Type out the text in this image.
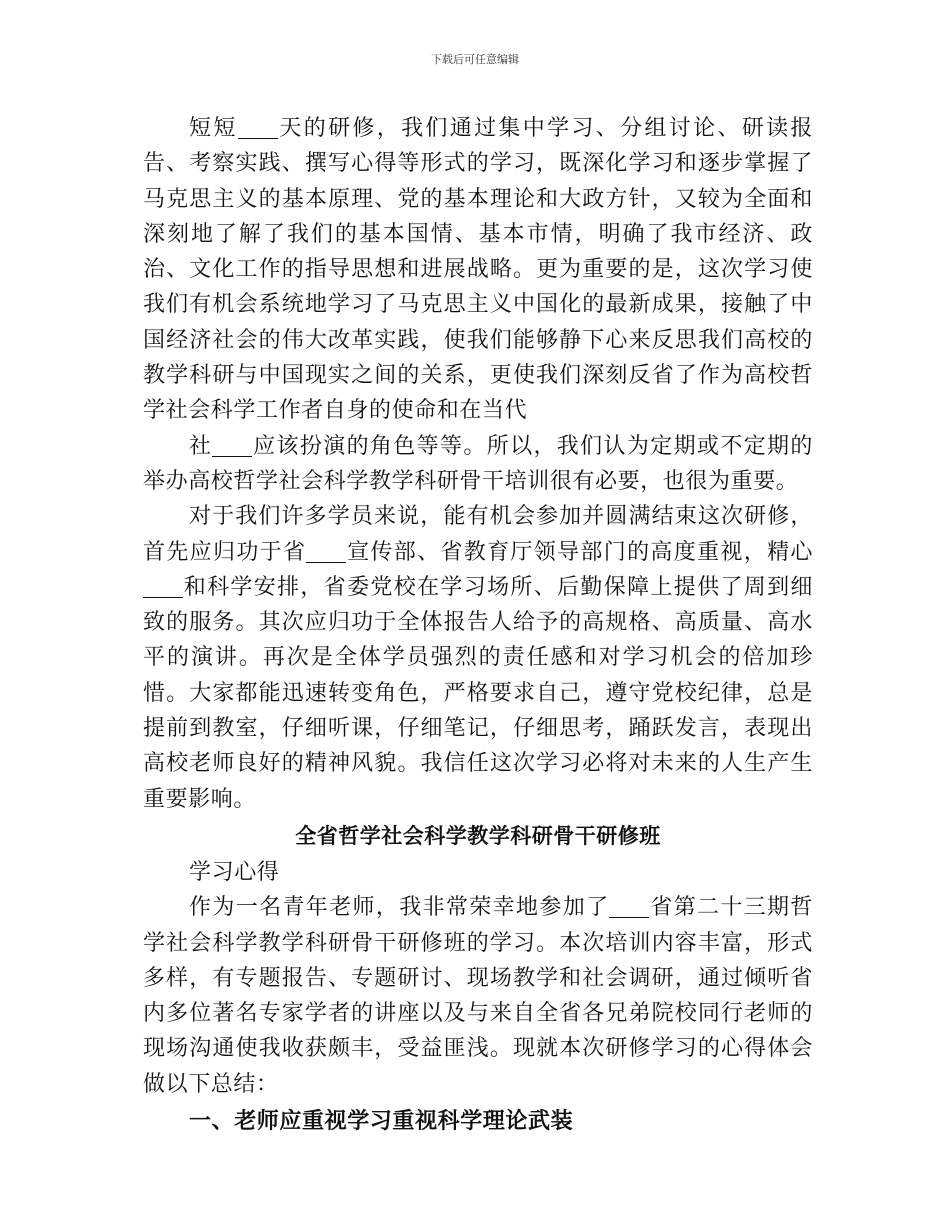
下载后可任意编辑

短短 天的研修，我们通过集中学习、分组讨论、研读报告、考察实践、撰写心得等形式的学习，既深化学习和逐步掌握了马克思主义的基本原理、党的基本理论和大政方针，又较为全面和深刻地了解了我们的基本国情、基本市情，明确了我市经济、政治、文化工作的指导思想和进展战略。更为重要的是，这次学习使我们有机会系统地学习了马克思主义中国化的最新成果，接触了中国经济社会的伟大改革实践，使我们能够静下心来反思我们高校的教学科研与中国现实之间的关系，更使我们深刻反省了作为高校哲学社会科学工作者自身的使命和在当代

社 应该扮演的角色等等。所以，我们认为定期或不定期的举办高校哲学社会科学教学科研骨干培训很有必要，也很为重要。

对于我们许多学员来说，能有机会参加并圆满结束这次研修，首先应归功于省 宣传部、省教育厅领导部门的高度重视，精心和科学安排，省委党校在学习场所、后勤保障上提供了周到细致的服务。其次应归功于全体报告人给予的高规格、高质量、高水平的演讲。再次是全体学员强烈的责任感和对学习机会的倍加珍惜。大家都能迅速转变角色，严格要求自己，遵守党校纪律，总是提前到教室，仔细听课，仔细笔记，仔细思考，踊跃发言，表现出高校老师良好的精神风貌。我信任这次学习必将对未来的人生产生重要影响。

全省哲学社会科学教学科研骨干研修班

学习心得

作为一名青年老师，我非常荣幸地参加了 省第二十三期哲学社会科学教学科研骨干研修班的学习。本次培训内容丰富，形式多样，有专题报告、专题研讨、现场教学和社会调研，通过倾听省内多位著名专家学者的讲座以及与来自全省各兄弟院校同行老师的现场沟通使我收获颇丰，受益匪浅。现就本次研修学习的心得体会做以下总结：

一、老师应重视学习重视科学理论武装
